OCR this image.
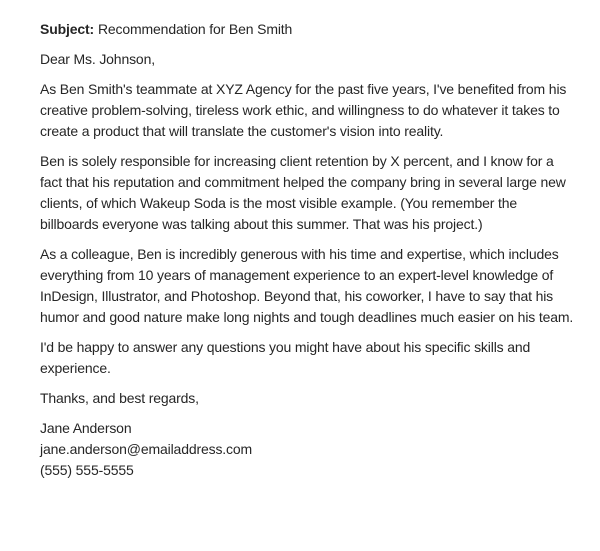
Subject: Recommendation for Ben Smith

Dear Ms. Johnson,

As Ben Smith's teammate at XYZ Agency for the past five years, I've benefited from his creative problem-solving, tireless work ethic, and willingness to do whatever it takes to create a product that will translate the customer's vision into reality.

Ben is solely responsible for increasing client retention by X percent, and I know for a fact that his reputation and commitment helped the company bring in several large new clients, of which Wakeup Soda is the most visible example. (You remember the billboards everyone was talking about this summer. That was his project.)

As a colleague, Ben is incredibly generous with his time and expertise, which includes everything from 10 years of management experience to an expert-level knowledge of InDesign, Illustrator, and Photoshop. Beyond that, his coworker, I have to say that his humor and good nature make long nights and tough deadlines much easier on his team.

I'd be happy to answer any questions you might have about his specific skills and experience.

Thanks, and best regards,

Jane Anderson
jane.anderson@emailaddress.com
(555) 555-5555
